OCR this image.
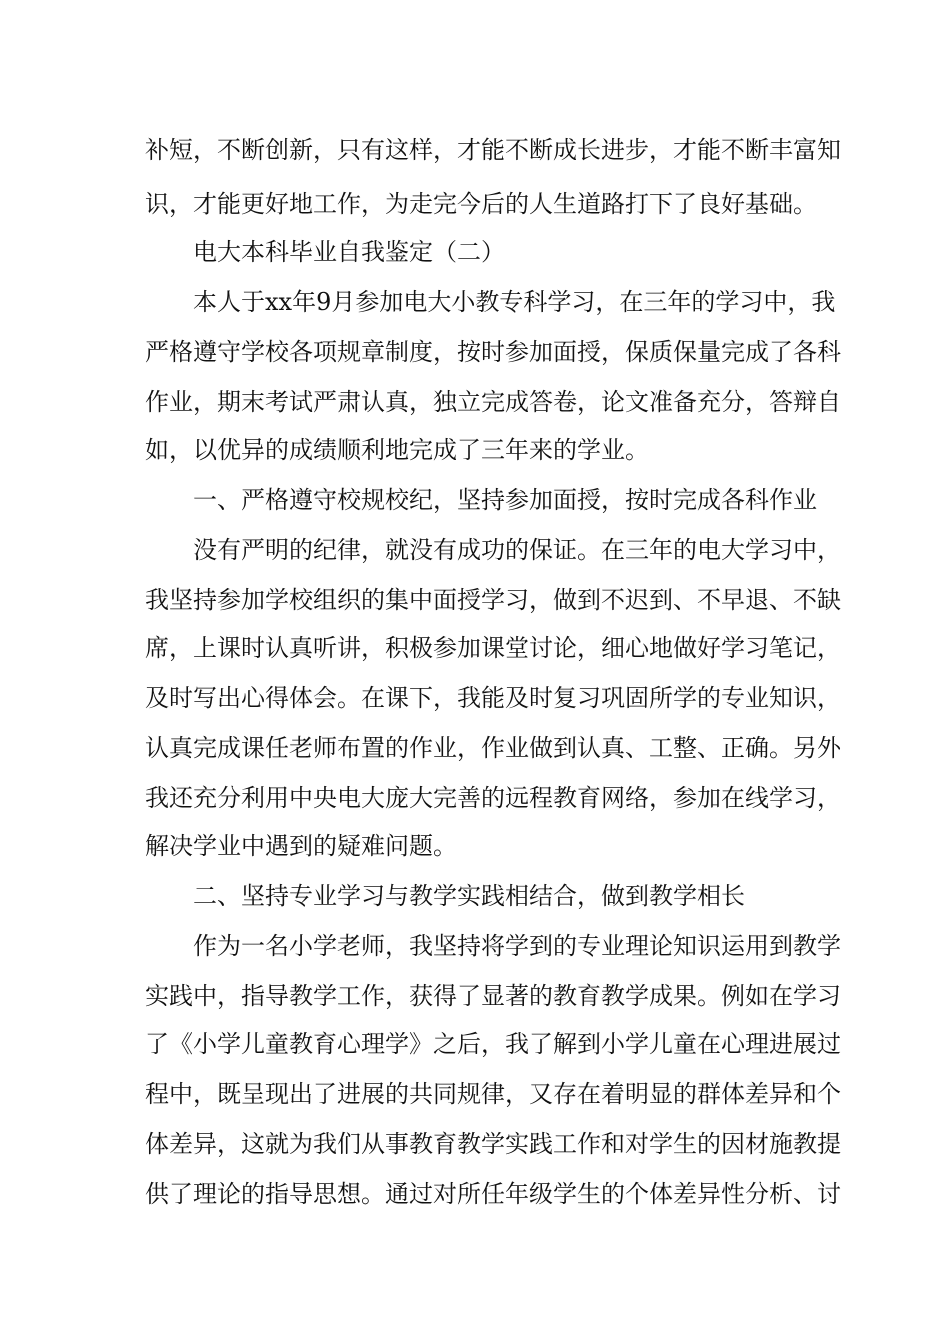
补短，不断创新，只有这样，才能不断成长进步，才能不断丰富知
识，才能更好地工作，为走完今后的人生道路打下了良好基础。
电大本科毕业自我鉴定（二）
本人于xx年9月参加电大小教专科学习，在三年的学习中，我
严格遵守学校各项规章制度，按时参加面授，保质保量完成了各科
作业，期末考试严肃认真，独立完成答卷，论文准备充分，答辩自
如，以优异的成绩顺利地完成了三年来的学业。
一、严格遵守校规校纪，坚持参加面授，按时完成各科作业
没有严明的纪律，就没有成功的保证。在三年的电大学习中，
我坚持参加学校组织的集中面授学习，做到不迟到、不早退、不缺
席，上课时认真听讲，积极参加课堂讨论，细心地做好学习笔记，
及时写出心得体会。在课下，我能及时复习巩固所学的专业知识，
认真完成课任老师布置的作业，作业做到认真、工整、正确。另外
我还充分利用中央电大庞大完善的远程教育网络，参加在线学习，
解决学业中遇到的疑难问题。
二、坚持专业学习与教学实践相结合，做到教学相长
作为一名小学老师，我坚持将学到的专业理论知识运用到教学
实践中，指导教学工作，获得了显著的教育教学成果。例如在学习
了《小学儿童教育心理学》之后，我了解到小学儿童在心理进展过
程中，既呈现出了进展的共同规律，又存在着明显的群体差异和个
体差异，这就为我们从事教育教学实践工作和对学生的因材施教提
供了理论的指导思想。通过对所任年级学生的个体差异性分析、讨
